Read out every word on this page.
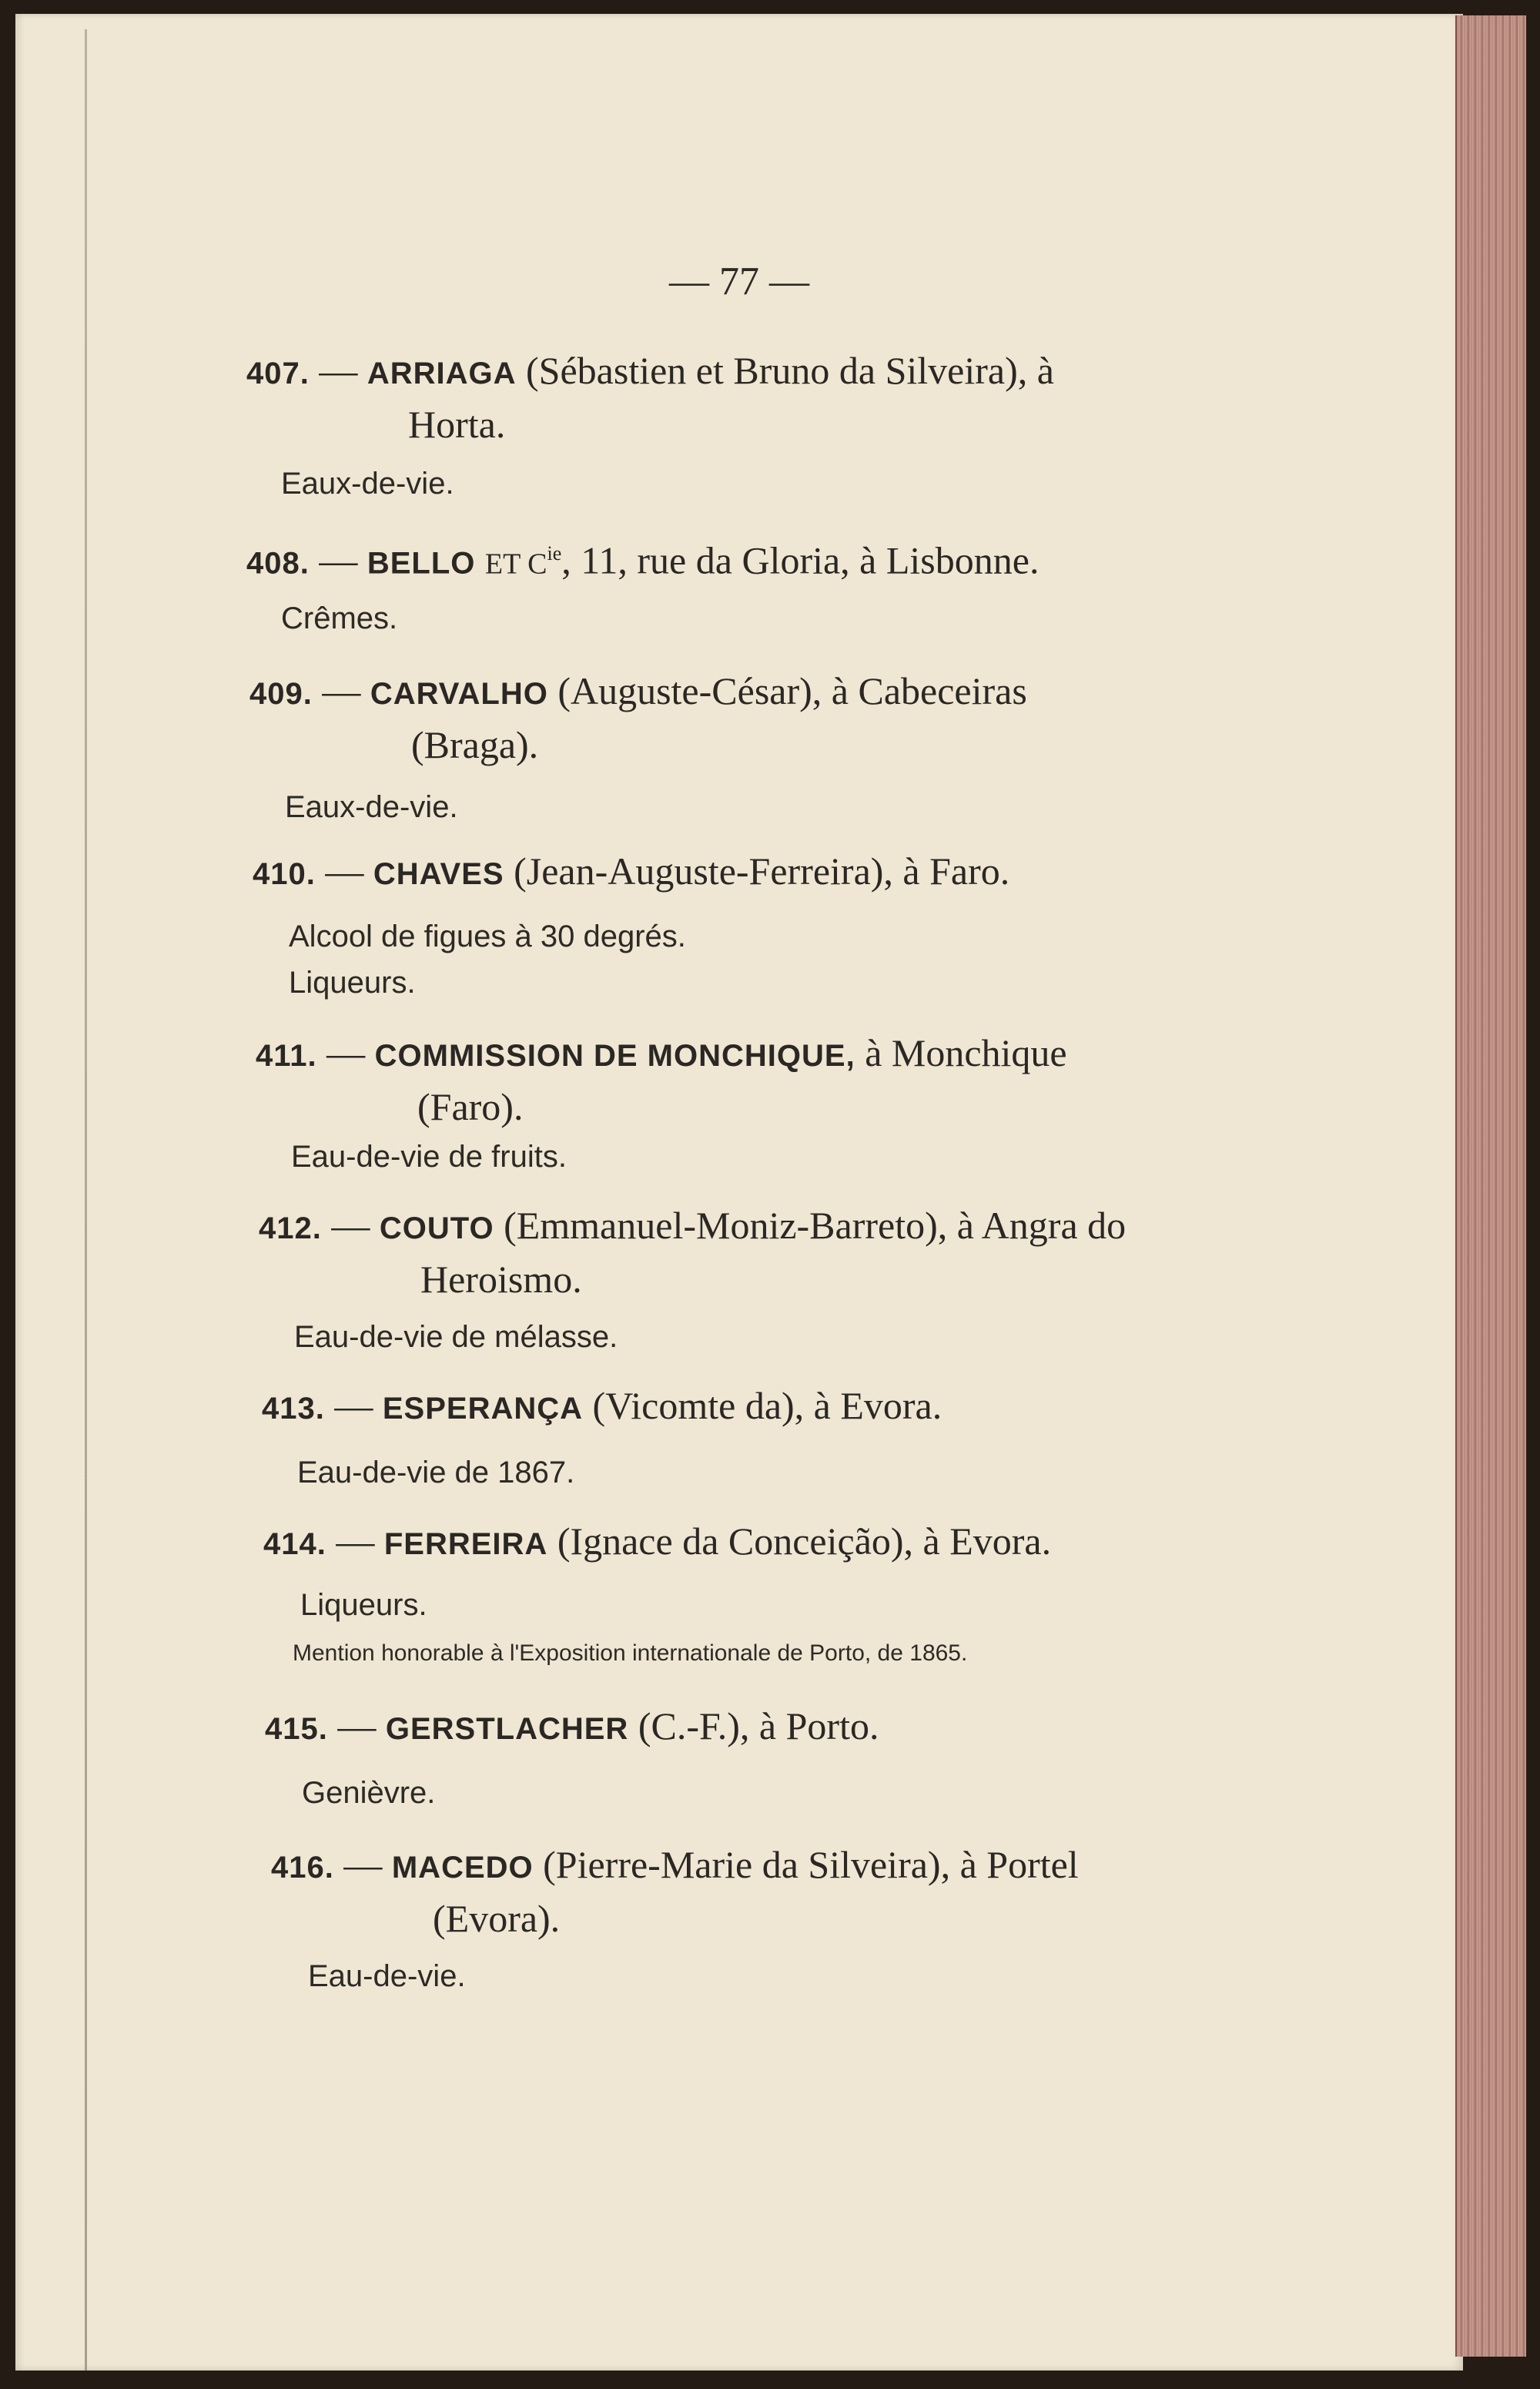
— 77 —
407. — ARRIAGA (Sébastien et Bruno da Silveira), à
Horta.
Eaux-de-vie.
408. — BELLO ET $C^{ie}$, 11, rue da Gloria, à Lisbonne.
Crêmes.
409. — CARVALHO (Auguste-César), à Cabeceiras
(Braga).
Eaux-de-vie.
410. — CHAVES (Jean-Auguste-Ferreira), à Faro.
Alcool de figues à 30 degrés.
Liqueurs.
411. — COMMISSION DE MONCHIQUE, à Monchique
(Faro).
Eau-de-vie de fruits.
412. — COUTO (Emmanuel-Moniz-Barreto), à Angra do
Heroismo.
Eau-de-vie de mélasse.
413. — ESPERANÇA (Vicomte da), à Evora.
Eau-de-vie de 1867.
414. — FERREIRA (Ignace da Conceição), à Evora.
Liqueurs.
Mention honorable à l'Exposition internationale de Porto, de 1865.
415. — GERSTLACHER (C.-F.), à Porto.
Genièvre.
416. — MACEDO (Pierre-Marie da Silveira), à Portel
(Evora).
Eau-de-vie.
